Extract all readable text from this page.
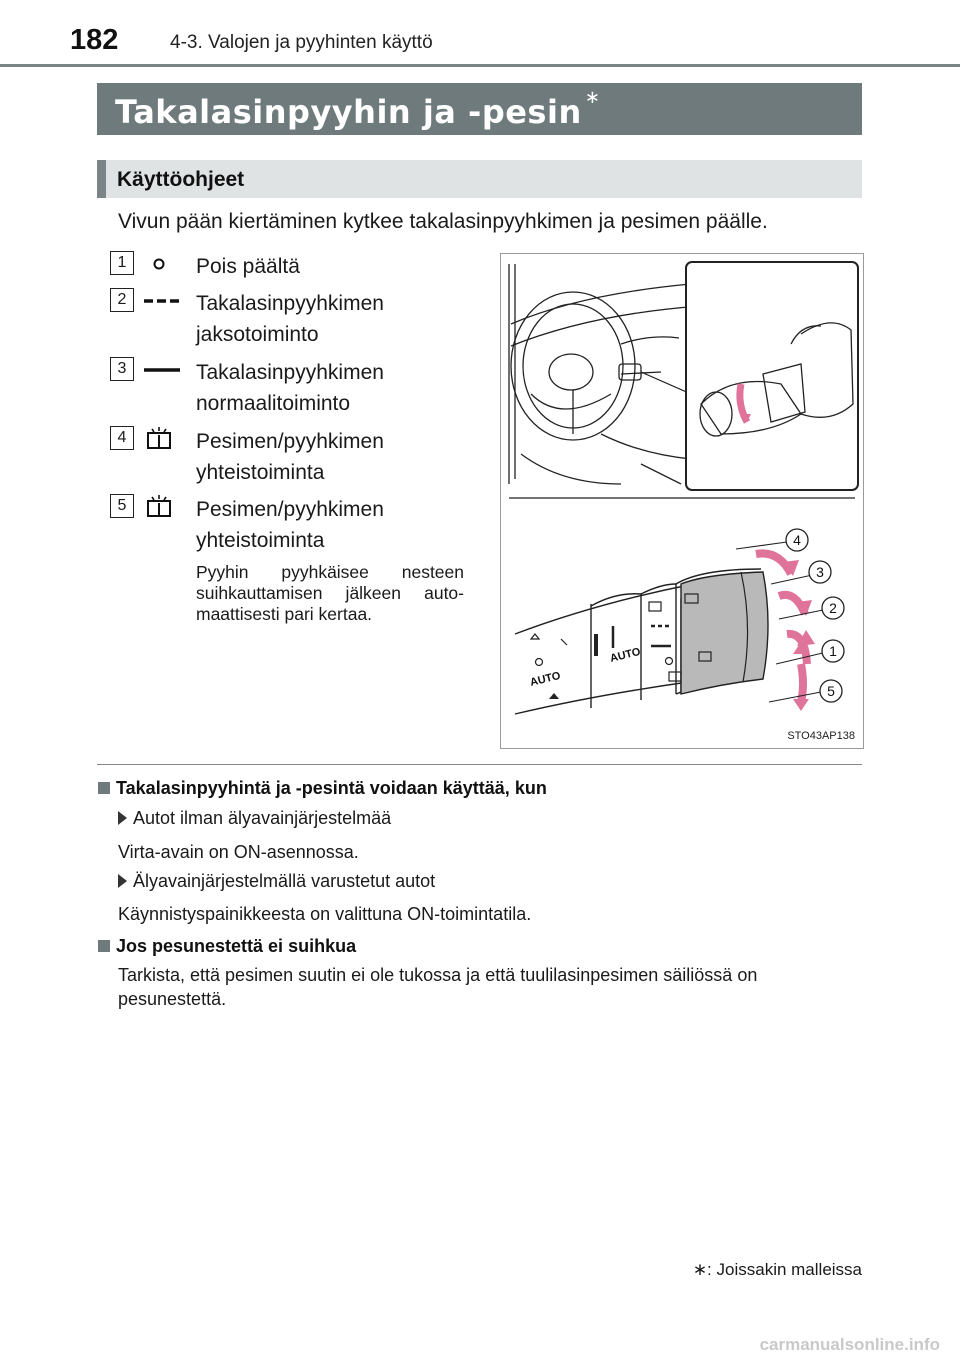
182	4-3. Valojen ja pyyhinten käyttö
Takalasinpyyhin ja -pesin ∗
Käyttöohjeet
Vivun pään kiertäminen kytkee takalasinpyyhkimen ja pesimen päälle.
1	Pois päältä
2	Takalasinpyyhkimen jaksotoiminto
3	Takalasinpyyhkimen normaalitoiminto
4	Pesimen/pyyhkimen yhteistoiminta
5	Pesimen/pyyhkimen yhteistoiminta
Pyyhin pyyhkäisee nesteen suihkauttamisen jälkeen auto-maattisesti pari kertaa.
4
3
2
1
5
AUTO
AUTO
STO43AP138
Takalasinpyyhintä ja -pesintä voidaan käyttää, kun
Autot ilman älyavainjärjestelmää
Virta-avain on ON-asennossa.
Älyavainjärjestelmällä varustetut autot
Käynnistyspainikkeesta on valittuna ON-toimintatila.
Jos pesunestettä ei suihkua
Tarkista, että pesimen suutin ei ole tukossa ja että tuulilasinpesimen säiliössä on pesunestettä.
∗: Joissakin malleissa
carmanualsonline.info
